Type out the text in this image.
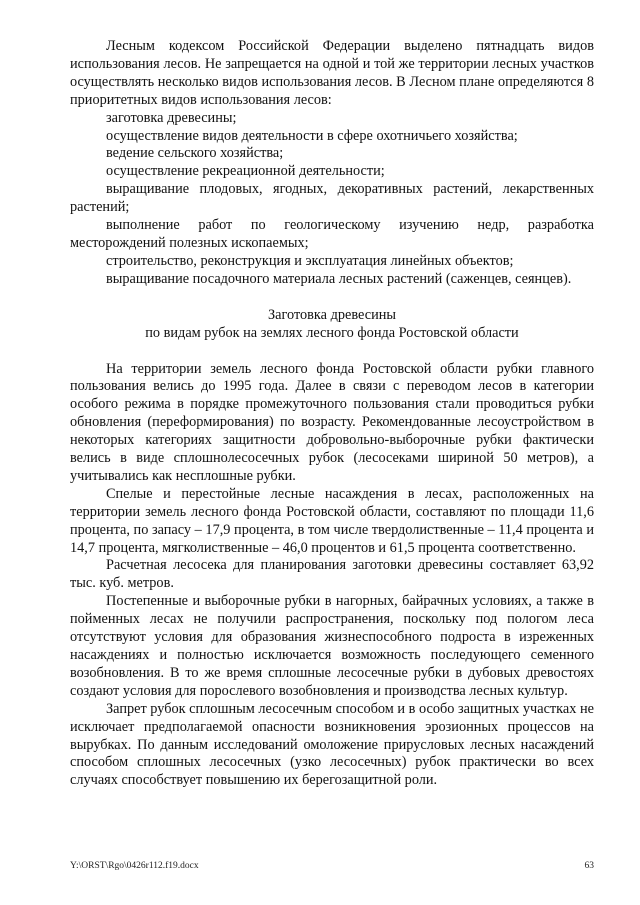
Лесным кодексом Российской Федерации выделено пятнадцать видов использования лесов. Не запрещается на одной и той же территории лесных участков осуществлять несколько видов использования лесов. В Лесном плане определяются 8 приоритетных видов использования лесов:

заготовка древесины;

осуществление видов деятельности в сфере охотничьего хозяйства;

ведение сельского хозяйства;

осуществление рекреационной деятельности;

выращивание плодовых, ягодных, декоративных растений, лекарственных растений;

выполнение работ по геологическому изучению недр, разработка месторождений полезных ископаемых;

строительство, реконструкция и эксплуатация линейных объектов;

выращивание посадочного материала лесных растений (саженцев, сеянцев).

Заготовка древесины

по видам рубок на землях лесного фонда Ростовской области

На территории земель лесного фонда Ростовской области рубки главного пользования велись до 1995 года. Далее в связи с переводом лесов в категории особого режима в порядке промежуточного пользования стали проводиться рубки обновления (переформирования) по возрасту. Рекомендованные лесоустройством в некоторых категориях защитности добровольно-выборочные рубки фактически велись в виде сплошнолесосечных рубок (лесосеками шириной 50 метров), а учитывались как несплошные рубки.

Спелые и перестойные лесные насаждения в лесах, расположенных на территории земель лесного фонда Ростовской области, составляют по площади 11,6 процента, по запасу – 17,9 процента, в том числе твердолиственные – 11,4 процента и 14,7 процента, мягколиственные – 46,0 процентов и 61,5 процента соответственно.

Расчетная лесосека для планирования заготовки древесины составляет 63,92 тыс. куб. метров.

Постепенные и выборочные рубки в нагорных, байрачных условиях, а также в пойменных лесах не получили распространения, поскольку под пологом леса отсутствуют условия для образования жизнеспособного подроста в изреженных насаждениях и полностью исключается возможность последующего семенного возобновления. В то же время сплошные лесосечные рубки в дубовых древостоях создают условия для порослевого возобновления и производства лесных культур.

Запрет рубок сплошным лесосечным способом и в особо защитных участках не исключает предполагаемой опасности возникновения эрозионных процессов на вырубках. По данным исследований омоложение прирусловых лесных насаждений способом сплошных лесосечных (узко лесосечных) рубок практически во всех случаях способствует повышению их берегозащитной роли.

Y:\ORST\Rgo\0426r112.f19.docx	63
